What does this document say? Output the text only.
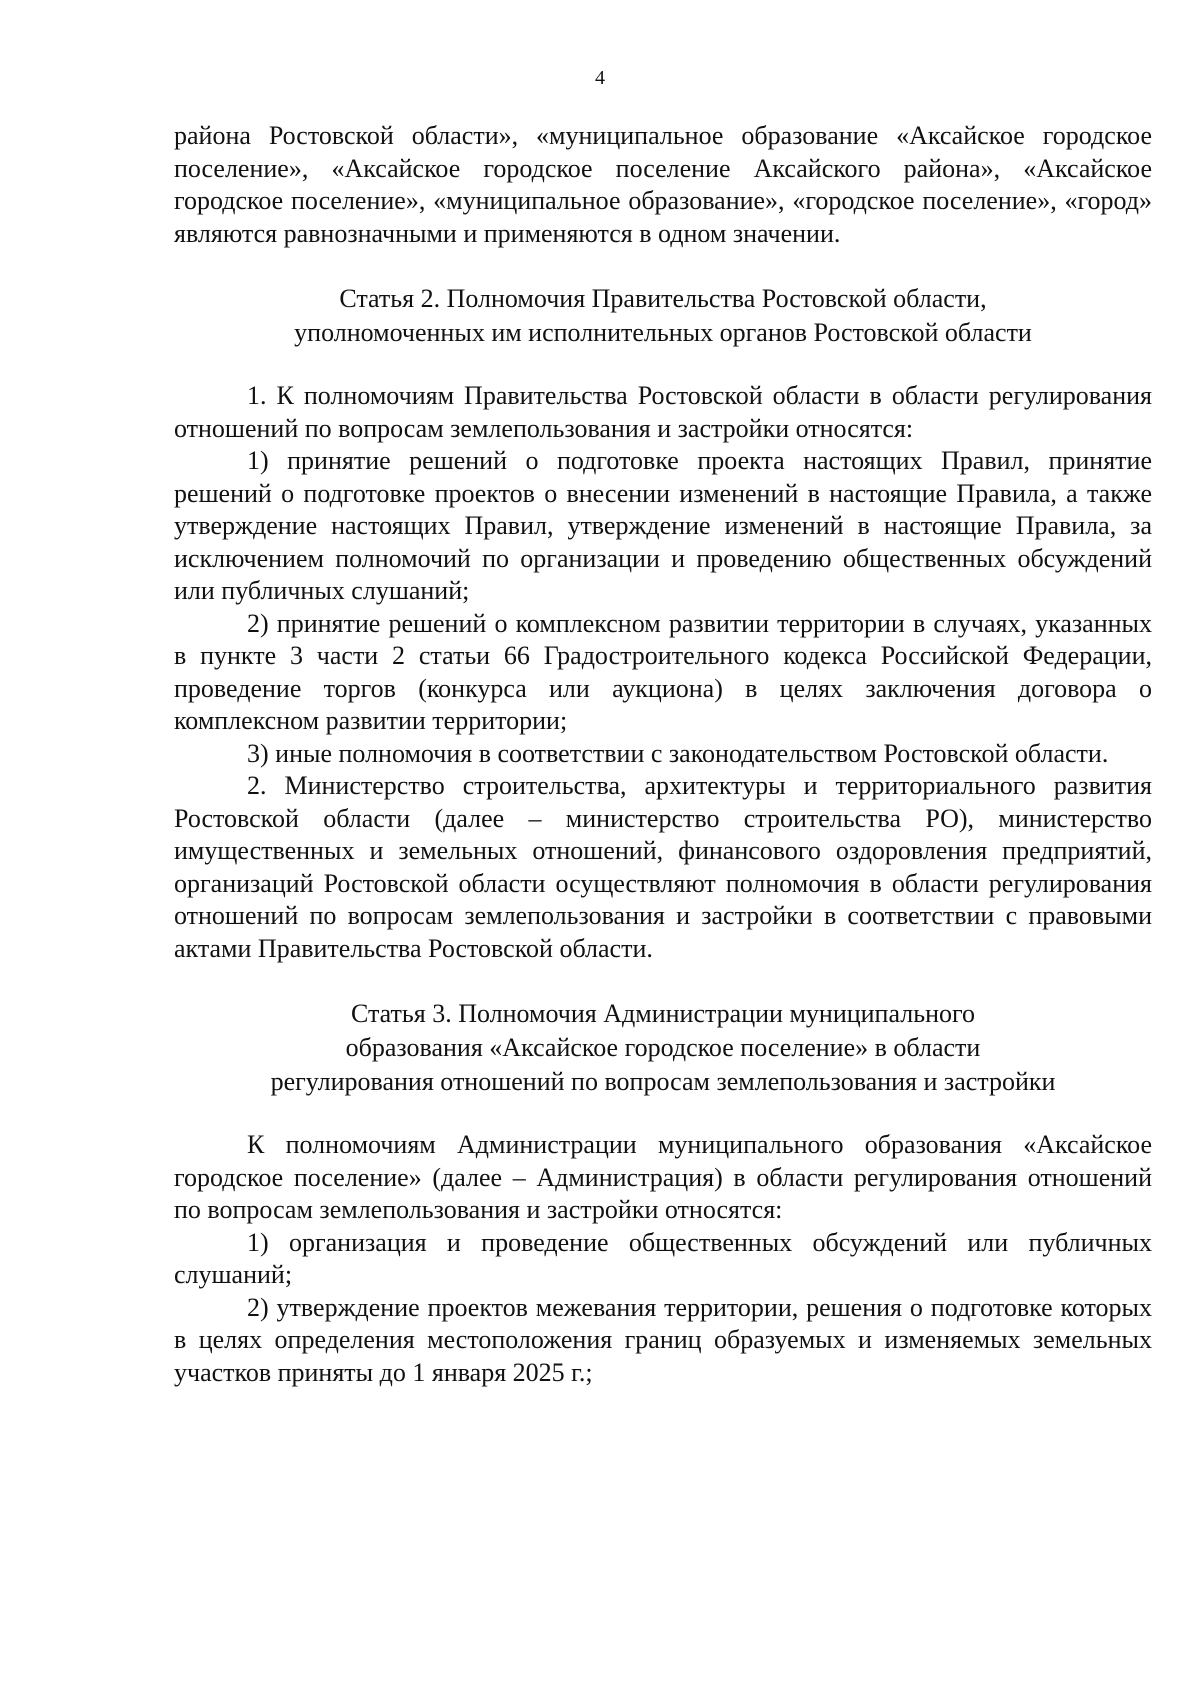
4

района Ростовской области», «муниципальное образование «Аксайское городское поселение», «Аксайское городское поселение Аксайского района», «Аксайское городское поселение», «муниципальное образование», «городское поселение», «город» являются равнозначными и применяются в одном значении.

Статья 2. Полномочия Правительства Ростовской области,
уполномоченных им исполнительных органов Ростовской области

1. К полномочиям Правительства Ростовской области в области регулирования отношений по вопросам землепользования и застройки относятся:

1) принятие решений о подготовке проекта настоящих Правил, принятие решений о подготовке проектов о внесении изменений в настоящие Правила, а также утверждение настоящих Правил, утверждение изменений в настоящие Правила, за исключением полномочий по организации и проведению общественных обсуждений или публичных слушаний;

2) принятие решений о комплексном развитии территории в случаях, указанных в пункте 3 части 2 статьи 66 Градостроительного кодекса Российской Федерации, проведение торгов (конкурса или аукциона) в целях заключения договора о комплексном развитии территории;

3) иные полномочия в соответствии с законодательством Ростовской области.

2. Министерство строительства, архитектуры и территориального развития Ростовской области (далее – министерство строительства РО), министерство имущественных и земельных отношений, финансового оздоровления предприятий, организаций Ростовской области осуществляют полномочия в области регулирования отношений по вопросам землепользования и застройки в соответствии с правовыми актами Правительства Ростовской области.

Статья 3. Полномочия Администрации муниципального
образования «Аксайское городское поселение» в области
регулирования отношений по вопросам землепользования и застройки

К полномочиям Администрации муниципального образования «Аксайское городское поселение» (далее – Администрация) в области регулирования отношений по вопросам землепользования и застройки относятся:

1) организация и проведение общественных обсуждений или публичных слушаний;

2) утверждение проектов межевания территории, решения о подготовке которых в целях определения местоположения границ образуемых и изменяемых земельных участков приняты до 1 января 2025 г.;
